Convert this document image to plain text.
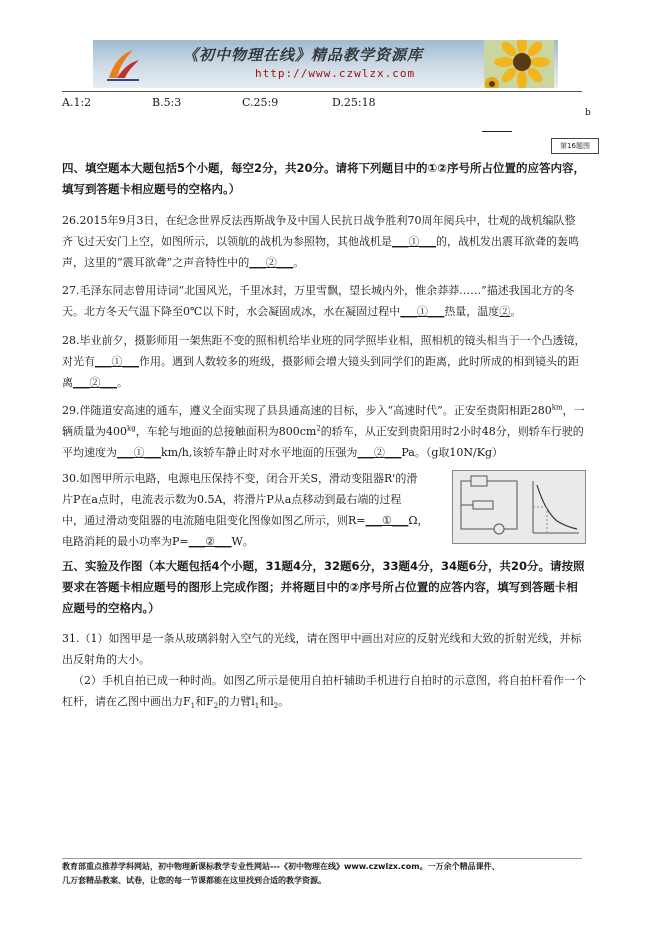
《初中物理在线》精品教学资源库
http://www.czwlzx.com
A.1:2	B.5:3	C.25:9	D.25:18
b
第16题图
四、填空题本大题包括5个小题，每空2分，共20分。请将下列题目中的①②序号所占位置的应答内容，填写到答题卡相应题号的空格内。）
26.2015年9月3日，在纪念世界反法西斯战争及中国人民抗日战争胜利70周年阅兵中，壮观的战机编队整齐飞过天安门上空，如图所示，以领航的战机为参照物，其他战机是___①___的，战机发出震耳欲聋的轰鸣声，这里的“震耳欲聋”之声音特性中的___②___。
27.毛泽东同志曾用诗词“北国风光，千里冰封，万里雪飘，望长城内外，惟余莽莽……”描述我国北方的冬天。北方冬天气温下降至0℃以下时，水会凝固成冰，水在凝固过程中___①___热量，温度②。
28.毕业前夕，摄影师用一架焦距不变的照相机给毕业班的同学照毕业相，照相机的镜头相当于一个凸透镜，对光有___①___作用。遇到人数较多的班级，摄影师会增大镜头到同学们的距离，此时所成的相到镜头的距离___②___。
29.伴随道安高速的通车，遵义全面实现了县县通高速的目标，步入“高速时代”。正安至贵阳相距$280^{km}$，一辆质量为$400^{kg}$，车轮与地面的总接触面积为$800cm^2$的轿车，从正安到贵阳用时2小时48分，则轿车行驶的平均速度为___①___km/h,该轿车静止时对水平地面的压强为___②___Pa。（g取10N/Kg）
30.如图甲所示电路，电源电压保持不变，闭合开关S，滑动变阻器R'的滑
片P在a点时，电流表示数为0.5A，将滑片P从a点移动到最右端的过程
中，通过滑动变阻器的电流随电阻变化图像如图乙所示，则R=___①___Ω，
电路消耗的最小功率为P=___②___W。
五、实验及作图（本大题包括4个小题，31题4分，32题6分，33题4分，34题6分，共20分。请按照要求在答题卡相应题号的图形上完成作图；并将题目中的②序号所占位置的应答内容，填写到答题卡相应题号的空格内。）
31.（1）如图甲是一条从玻璃斜射入空气的光线，请在图甲中画出对应的反射光线和大致的折射光线，并标出反射角的大小。
（2）手机自拍已成一种时尚。如图乙所示是使用自拍杆辅助手机进行自拍时的示意图，将自拍杆看作一个杠杆，请在乙图中画出力$F_1$和$F_2$的力臂$l_1$和$l_2$。
教育部重点推荐学科网站，初中物理新课标教学专业性网站---《初中物理在线》www.czwlzx.com。一万余个精品课件、
几万套精品教案、试卷，让您的每一节课都能在这里找到合适的教学资源。
